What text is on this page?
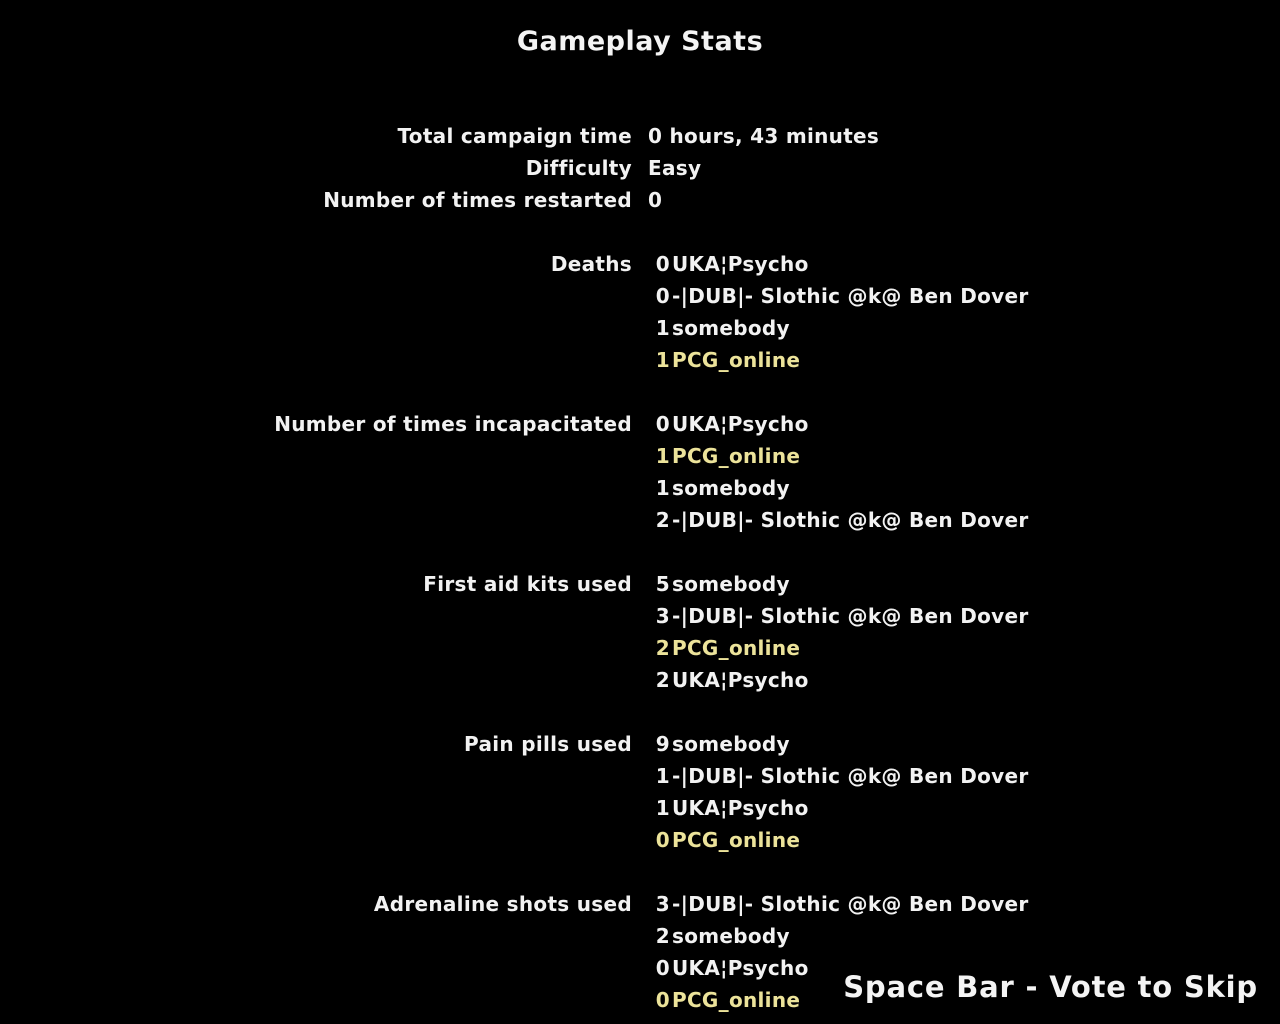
Gameplay Stats
Total campaign time 0 hours, 43 minutes
Difficulty Easy
Number of times restarted 0
Deaths	0 UKA¦Psycho
0 -|DUB|- Slothic @k@ Ben Dover
1 somebody
1 PCG_online
Number of times incapacitated	0 UKA¦Psycho
1 PCG_online
1 somebody
2 -|DUB|- Slothic @k@ Ben Dover
First aid kits used	5 somebody
3 -|DUB|- Slothic @k@ Ben Dover
2 PCG_online
2 UKA¦Psycho
Pain pills used	9 somebody
1 -|DUB|- Slothic @k@ Ben Dover
1 UKA¦Psycho
0 PCG_online
Adrenaline shots used	3 -|DUB|- Slothic @k@ Ben Dover
2 somebody
0 UKA¦Psycho
0 PCG_online Space Bar - Vote to Skip
